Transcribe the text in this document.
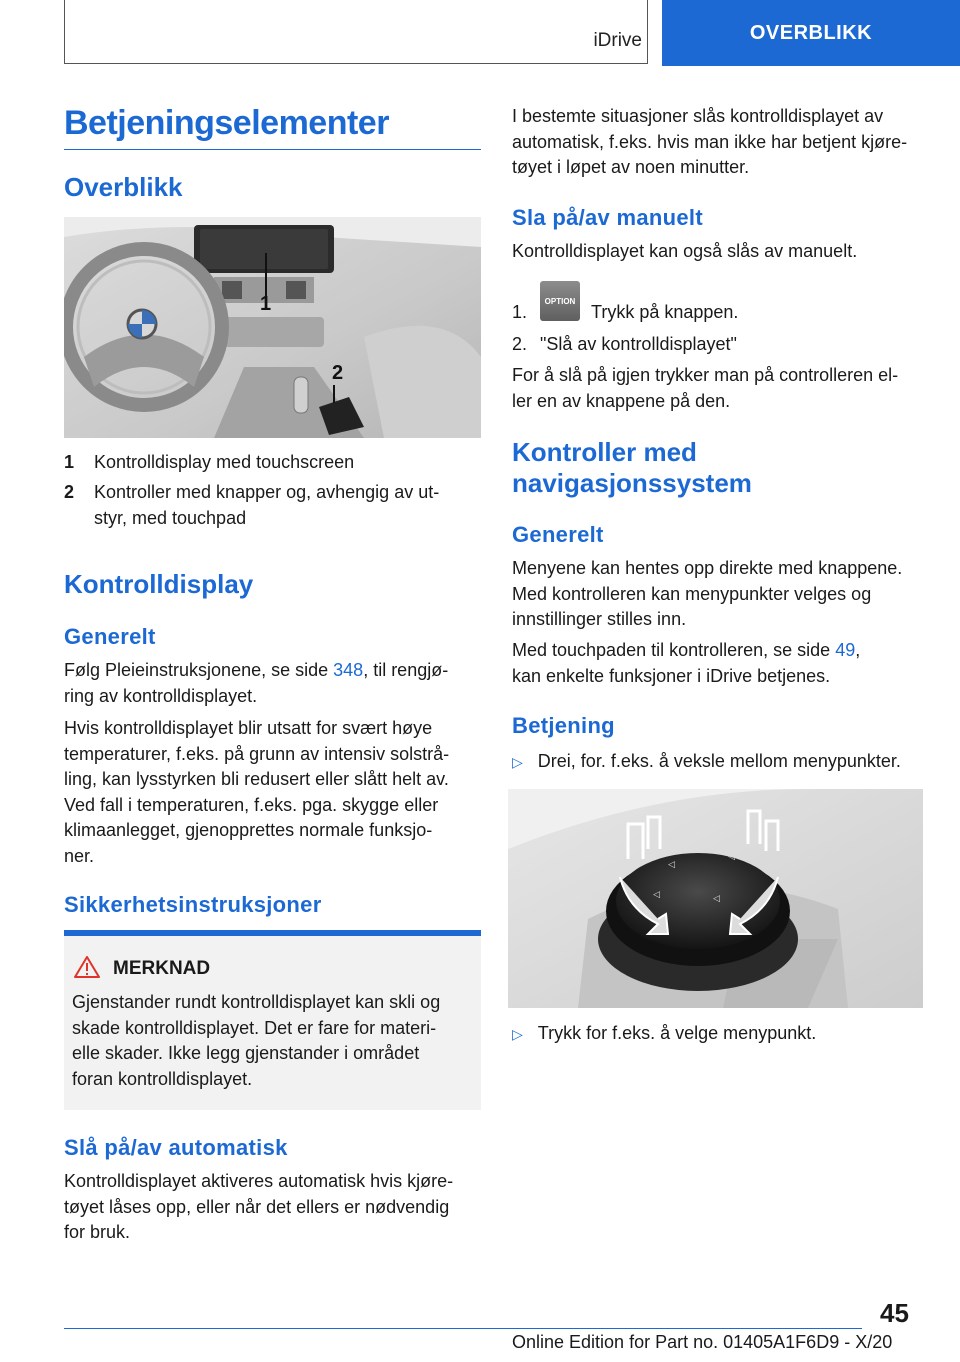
iDrive	OVERBLIKK
Betjeningselementer
Overblikk
1
2
1 Kontrolldisplay med touchscreen
2 Kontroller med knapper og, avhengig av ut-
styr, med touchpad
Kontrolldisplay
Generelt
Følg Pleieinstruksjonene, se side 348, til rengjø-
ring av kontrolldisplayet.
Hvis kontrolldisplayet blir utsatt for svært høye
temperaturer, f.eks. på grunn av intensiv solstrå-
ling, kan lysstyrken bli redusert eller slått helt av.
Ved fall i temperaturen, f.eks. pga. skygge eller
klimaanlegget, gjenopprettes normale funksjo-
ner.
Sikkerhetsinstruksjoner
MERKNAD
Gjenstander rundt kontrolldisplayet kan skli og
skade kontrolldisplayet. Det er fare for materi-
elle skader. Ikke legg gjenstander i området
foran kontrolldisplayet.
Slå på/av automatisk
Kontrolldisplayet aktiveres automatisk hvis kjøre-
tøyet låses opp, eller når det ellers er nødvendig
for bruk.
I bestemte situasjoner slås kontrolldisplayet av
automatisk, f.eks. hvis man ikke har betjent kjøre-
tøyet i løpet av noen minutter.
Sla på/av manuelt
Kontrolldisplayet kan også slås av manuelt.
1.
OPTION
Trykk på knappen.
2. "Slå av kontrolldisplayet"
For å slå på igjen trykker man på controlleren el-
ler en av knappene på den.
Kontroller med
navigasjonssystem
Generelt
Menyene kan hentes opp direkte med knappene.
Med kontrolleren kan menypunkter velges og
innstillinger stilles inn.
Med touchpaden til kontrolleren, se side 49,
kan enkelte funksjoner i iDrive betjenes.
Betjening
▷ Drei, for. f.eks. å veksle mellom menypunkter.
◁
◁
◁	◁
▷ Trykk for f.eks. å velge menypunkt.
45
Online Edition for Part no. 01405A1F6D9 - X/20
